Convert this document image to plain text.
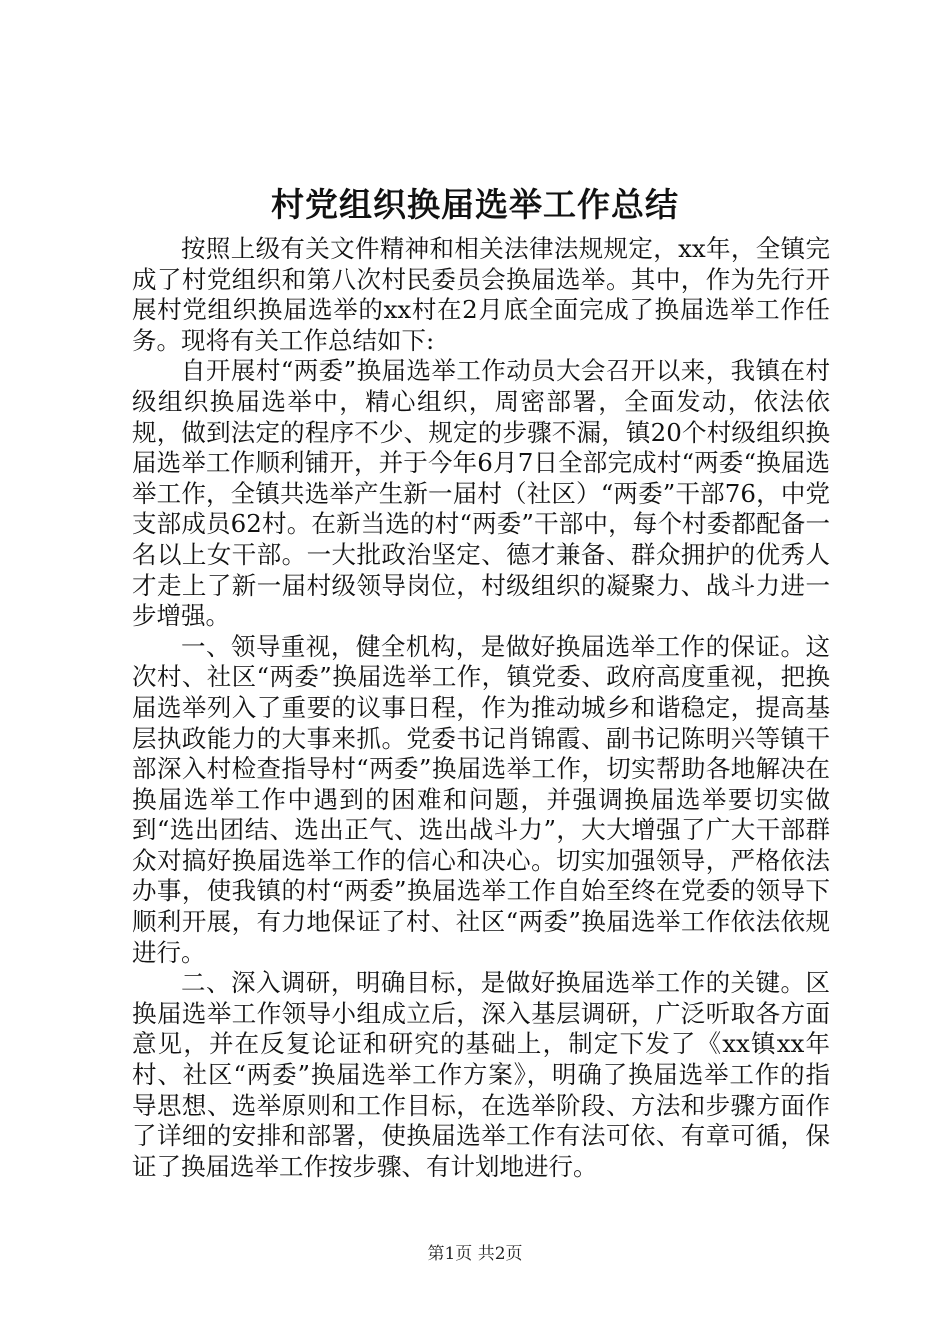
村党组织换届选举工作总结

按照上级有关文件精神和相关法律法规规定，xx年，全镇完成了村党组织和第八次村民委员会换届选举。其中，作为先行开展村党组织换届选举的xx村在2月底全面完成了换届选举工作任务。现将有关工作总结如下:

自开展村“两委”换届选举工作动员大会召开以来，我镇在村级组织换届选举中，精心组织，周密部署，全面发动，依法依规，做到法定的程序不少、规定的步骤不漏，镇20个村级组织换届选举工作顺利铺开，并于今年6月7日全部完成村“两委“换届选举工作，全镇共选举产生新一届村（社区）“两委”干部76，中党支部成员62村。在新当选的村“两委”干部中，每个村委都配备一名以上女干部。一大批政治坚定、德才兼备、群众拥护的优秀人才走上了新一届村级领导岗位，村级组织的凝聚力、战斗力进一步增强。

一、领导重视，健全机构，是做好换届选举工作的保证。这次村、社区“两委”换届选举工作，镇党委、政府高度重视，把换届选举列入了重要的议事日程，作为推动城乡和谐稳定，提高基层执政能力的大事来抓。党委书记肖锦霞、副书记陈明兴等镇干部深入村检查指导村“两委”换届选举工作，切实帮助各地解决在换届选举工作中遇到的困难和问题，并强调换届选举要切实做到“选出团结、选出正气、选出战斗力”，大大增强了广大干部群众对搞好换届选举工作的信心和决心。切实加强领导，严格依法办事，使我镇的村“两委”换届选举工作自始至终在党委的领导下顺利开展，有力地保证了村、社区“两委”换届选举工作依法依规进行。

二、深入调研，明确目标，是做好换届选举工作的关键。区换届选举工作领导小组成立后，深入基层调研，广泛听取各方面意见，并在反复论证和研究的基础上，制定下发了《xx镇xx年村、社区“两委”换届选举工作方案》，明确了换届选举工作的指导思想、选举原则和工作目标，在选举阶段、方法和步骤方面作了详细的安排和部署，使换届选举工作有法可依、有章可循，保证了换届选举工作按步骤、有计划地进行。

第1页 共2页
